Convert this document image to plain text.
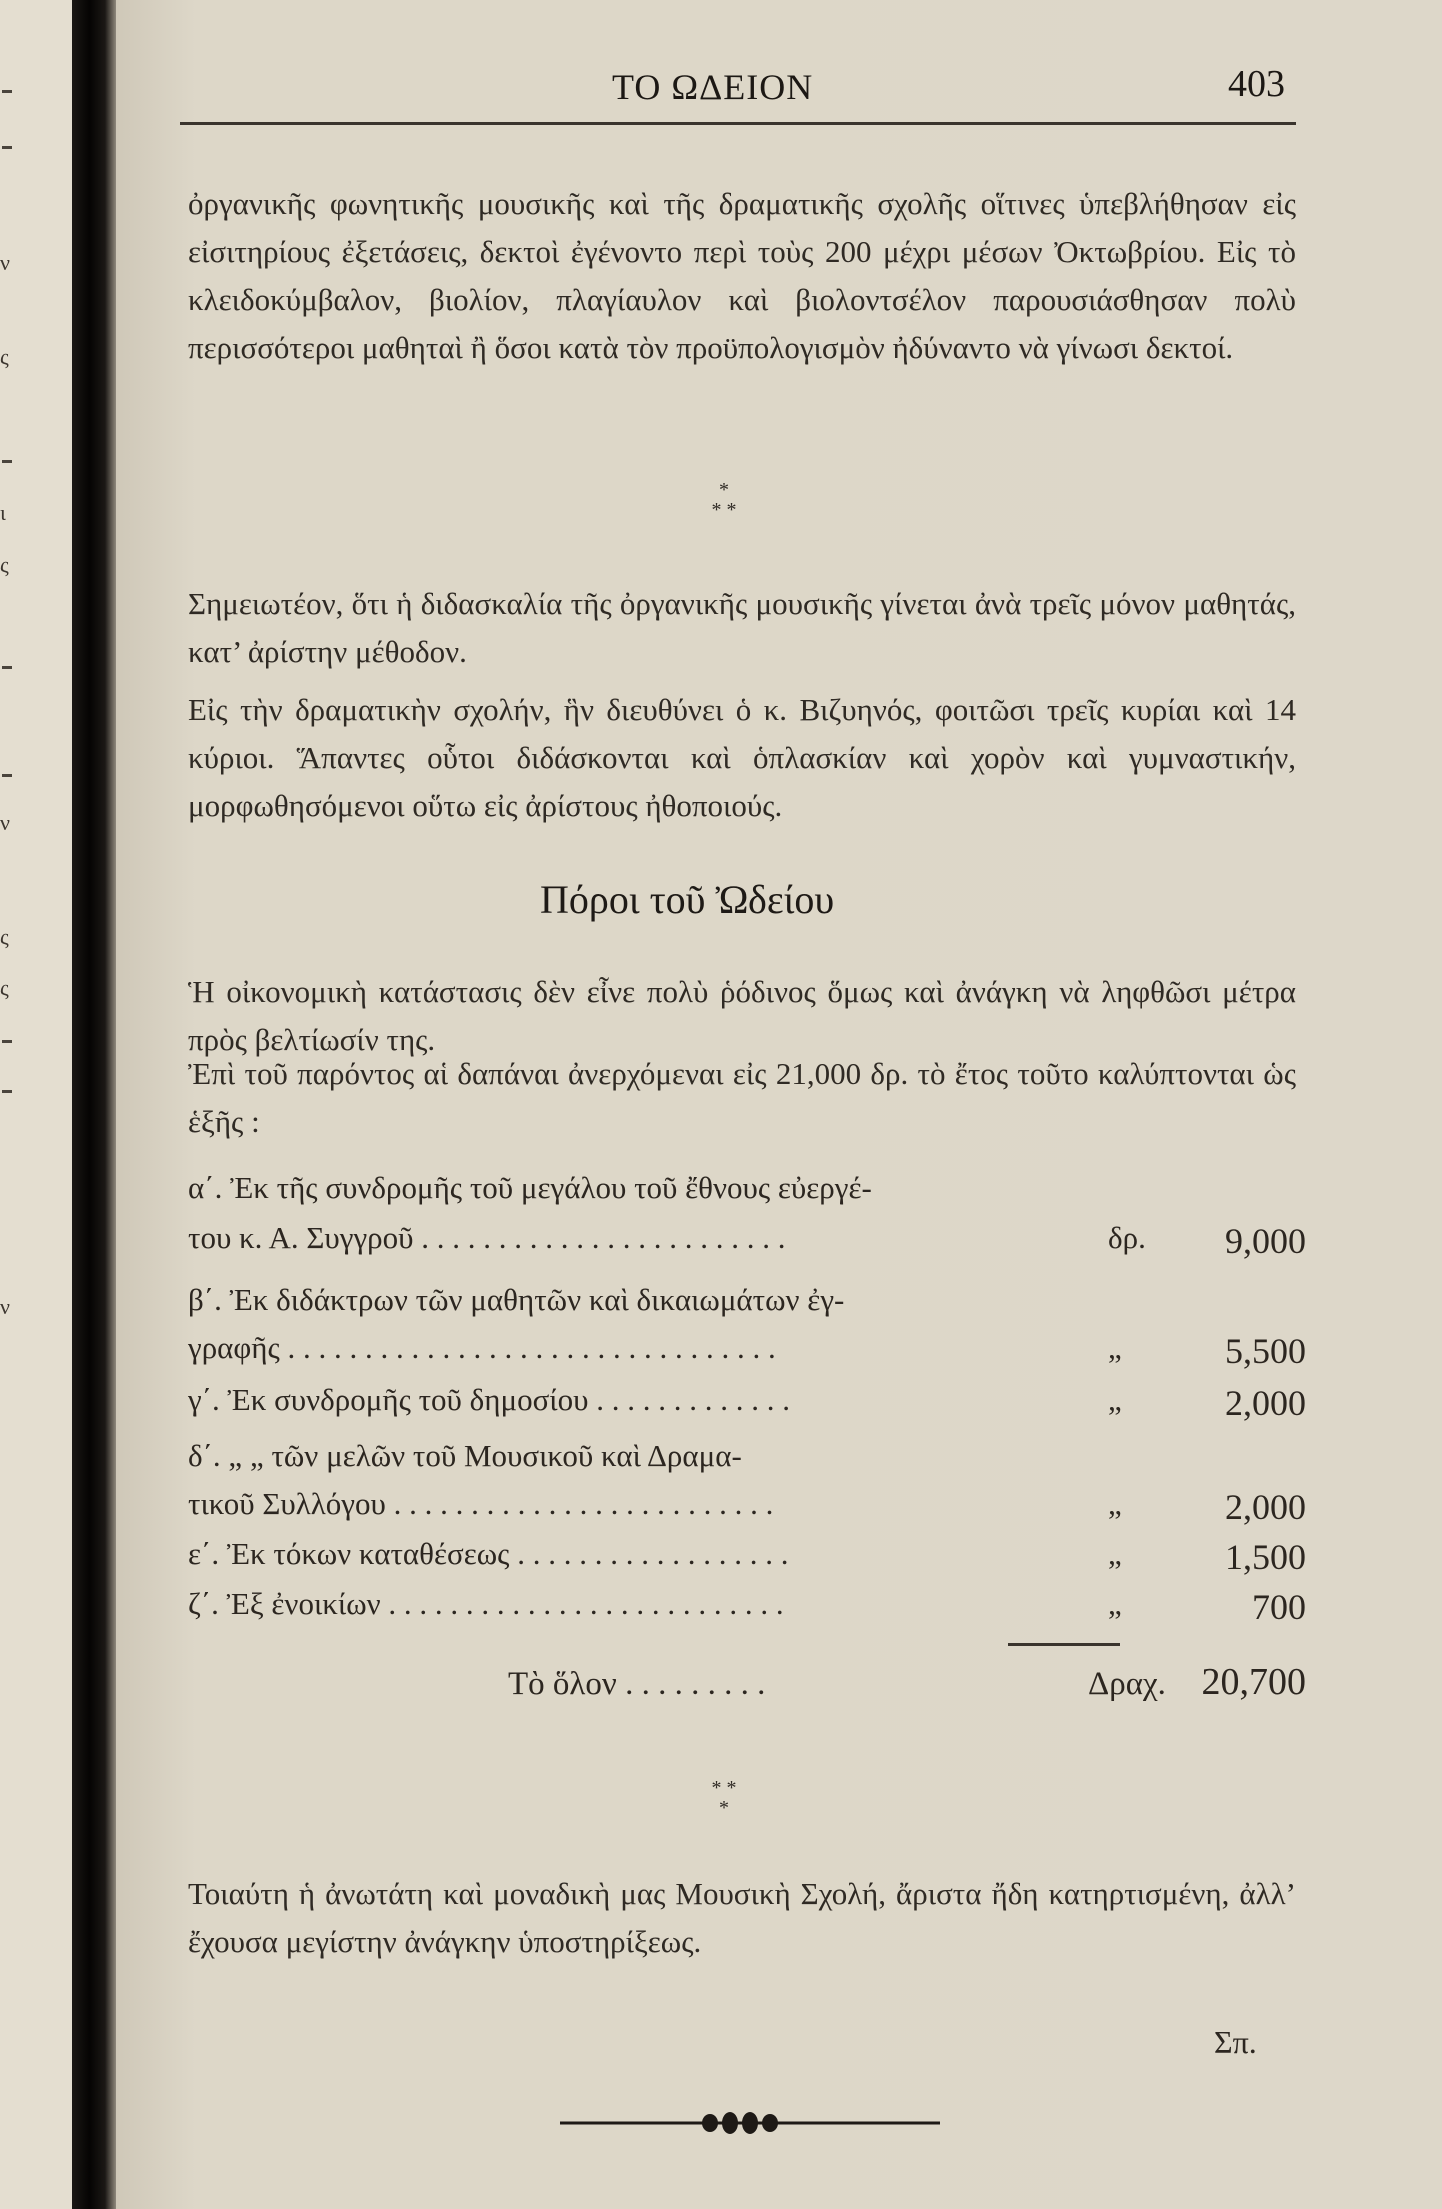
ν
ς
ι
ς
ν
ς
ς
ν
ΤΟ ΩΔΕΙΟΝ	403
ὀργανικῆς φωνητικῆς μουσικῆς καὶ τῆς δραματικῆς σχολῆς οἵτινες ὑπεβλήθησαν εἰς εἰσιτηρίους ἐξετάσεις, δεκτοὶ ἐγένοντο περὶ τοὺς 200 μέχρι μέσων Ὀκτωβρίου. Εἰς τὸ κλειδοκύμβαλον, βιολίον, πλαγίαυλον καὶ βιολοντσέλον παρουσιάσθησαν πολὺ περισσότεροι μαθηταὶ ἢ ὅσοι κατὰ τὸν προϋπολογισμὸν ἠδύναντο νὰ γίνωσι δεκτοί.
*
* *
Σημειωτέον, ὅτι ἡ διδασκαλία τῆς ὀργανικῆς μουσικῆς γίνεται ἀνὰ τρεῖς μόνον μαθητάς, κατ’ ἀρίστην μέθοδον.
Εἰς τὴν δραματικὴν σχολήν, ἣν διευθύνει ὁ κ. Βιζυηνός, φοιτῶσι τρεῖς κυρίαι καὶ 14 κύριοι. Ἅπαντες οὗτοι διδάσκονται καὶ ὁπλασκίαν καὶ χορὸν καὶ γυμναστικήν, μορφωθησόμενοι οὕτω εἰς ἀρίστους ἠθοποιούς.
Πόροι τοῦ Ὠδείου
Ἡ οἰκονομικὴ κατάστασις δὲν εἶνε πολὺ ῥόδινος ὅμως καὶ ἀνάγκη νὰ ληφθῶσι μέτρα πρὸς βελτίωσίν της.
Ἐπὶ τοῦ παρόντος αἱ δαπάναι ἀνερχόμεναι εἰς 21,000 δρ. τὸ ἔτος τοῦτο καλύπτονται ὡς ἑξῆς :
α΄. Ἐκ τῆς συνδρομῆς τοῦ μεγάλου τοῦ ἔθνους εὐεργέ-
του κ. Α. Συγγροῦ . . . . . . . . . . . . . . . . . . . . . . . .	δρ. 9,000
β΄. Ἐκ διδάκτρων τῶν μαθητῶν καὶ δικαιωμάτων ἐγ-
γραφῆς . . . . . . . . . . . . . . . . . . . . . . . . . . . . . . . .	„	5,500
γ΄. Ἐκ συνδρομῆς τοῦ δημοσίου . . . . . . . . . . . . .	„	2,000
δ΄. „ „ τῶν μελῶν τοῦ Μουσικοῦ καὶ Δραμα-
τικοῦ Συλλόγου . . . . . . . . . . . . . . . . . . . . . . . . .	„	2,000
ε΄. Ἐκ τόκων καταθέσεως . . . . . . . . . . . . . . . . . .	„	1,500
ζ΄. Ἐξ ἐνοικίων . . . . . . . . . . . . . . . . . . . . . . . . . .	„	700
Τὸ ὅλον . . . . . . . . .	Δραχ. 20,700
* *
*
Τοιαύτη ἡ ἀνωτάτη καὶ μοναδικὴ μας Μουσικὴ Σχολή, ἄριστα ἤδη κατηρτισμένη, ἀλλ’ ἔχουσα μεγίστην ἀνάγκην ὑποστηρίξεως.
Σπ.
